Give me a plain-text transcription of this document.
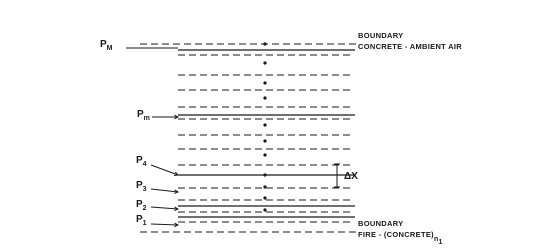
$P_M$
$P_m$
$P_4$
$P_3$
$P_2$
$P_1$
BOUNDARY
CONCRETE - AMBIENT AIR
BOUNDARY
FIRE - (CONCRETE)n1
ΔX
